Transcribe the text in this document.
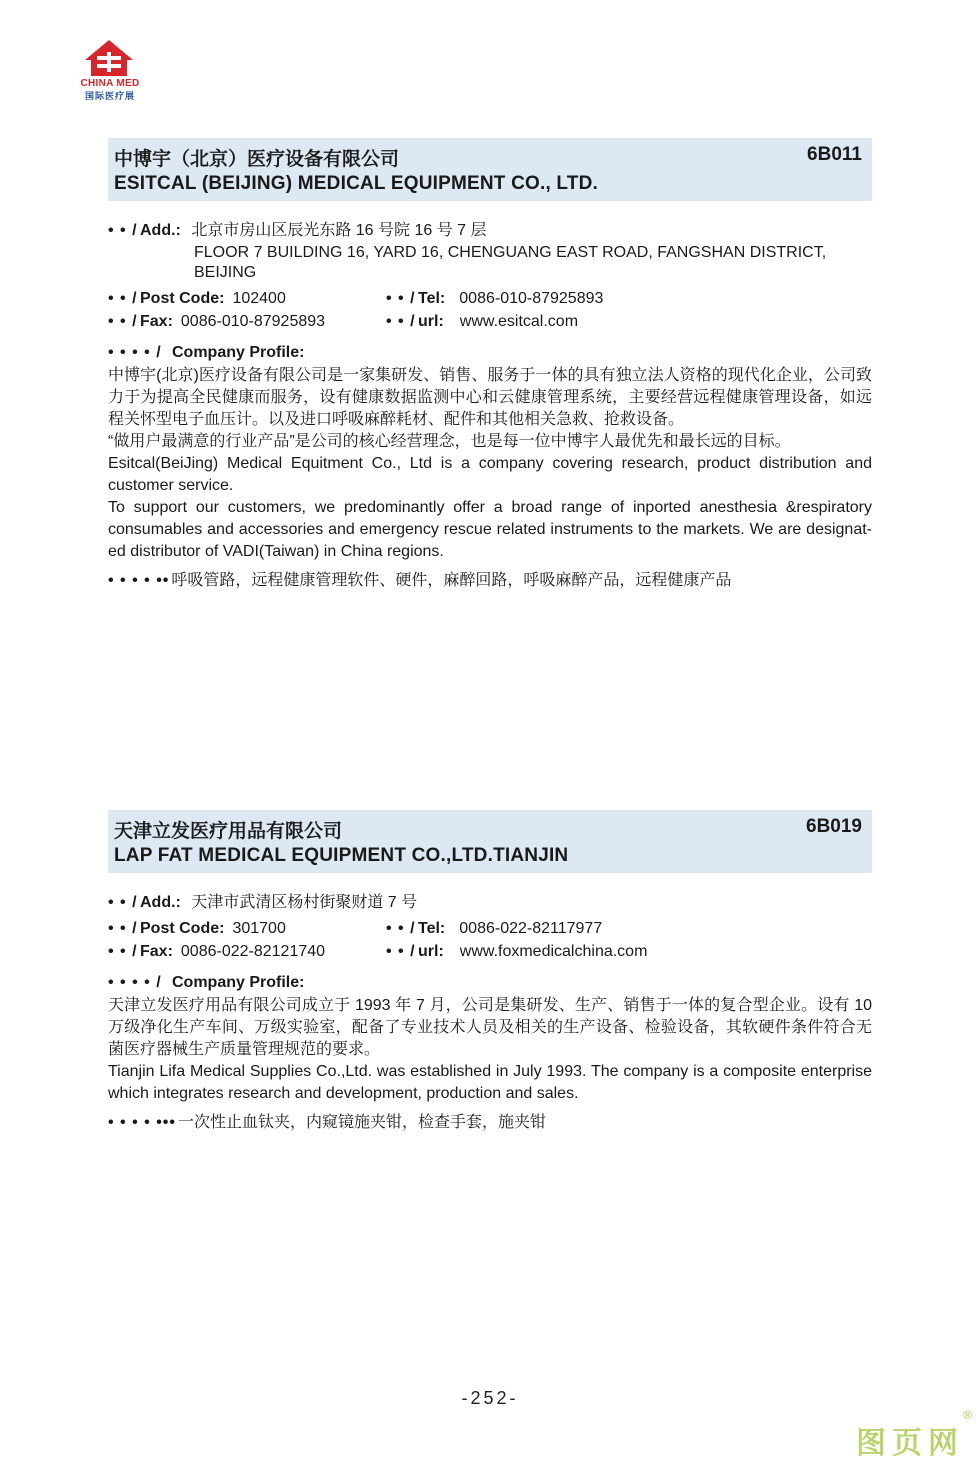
CHINA MED
国际医疗展
中博宇（北京）医疗设备有限公司
ESITCAL (BEIJING) MEDICAL EQUIPMENT CO., LTD.
6B011
• • / Add.: 北京市房山区辰光东路 16 号院 16 号 7 层
FLOOR 7 BUILDING 16, YARD 16, CHENGUANG EAST ROAD, FANGSHAN DISTRICT, BEIJING
• • / Post Code: 102400	• • / Tel: 0086-010-87925893
• • / Fax: 0086-010-87925893	• • / url: www.esitcal.com
• • • • / Company Profile:
中博宇(北京)医疗设备有限公司是一家集研发、销售、服务于一体的具有独立法人资格的现代化企业，公司致力于为提高全民健康而服务，设有健康数据监测中心和云健康管理系统，主要经营远程健康管理设备，如远程关怀型电子血压计。以及进口呼吸麻醉耗材、配件和其他相关急救、抢救设备。
“做用户最满意的行业产品”是公司的核心经营理念，也是每一位中博宇人最优先和最长远的目标。
Esitcal(BeiJing) Medical Equitment Co., Ltd is a company covering research, product distribution and customer service.
To support our customers, we predominantly offer a broad range of inported anesthesia &respiratory consumables and accessories and emergency rescue related instruments to the markets. We are designat-ed distributor of VADI(Taiwan) in China regions.
• • • • •• 呼吸管路，远程健康管理软件、硬件，麻醉回路，呼吸麻醉产品，远程健康产品
天津立发医疗用品有限公司
LAP FAT MEDICAL EQUIPMENT CO.,LTD.TIANJIN
6B019
• • / Add.: 天津市武清区杨村街聚财道 7 号
• • / Post Code: 301700	• • / Tel: 0086-022-82117977
• • / Fax: 0086-022-82121740	• • / url: www.foxmedicalchina.com
• • • • / Company Profile:
天津立发医疗用品有限公司成立于 1993 年 7 月，公司是集研发、生产、销售于一体的复合型企业。设有 10 万级净化生产车间、万级实验室，配备了专业技术人员及相关的生产设备、检验设备，其软硬件条件符合无菌医疗器械生产质量管理规范的要求。
Tianjin Lifa Medical Supplies Co.,Ltd. was established in July 1993. The company is a composite enterprise which integrates research and development, production and sales.
• • • • ••• 一次性止血钛夹，内窥镜施夹钳，检查手套，施夹钳
-252-
图页网
®
